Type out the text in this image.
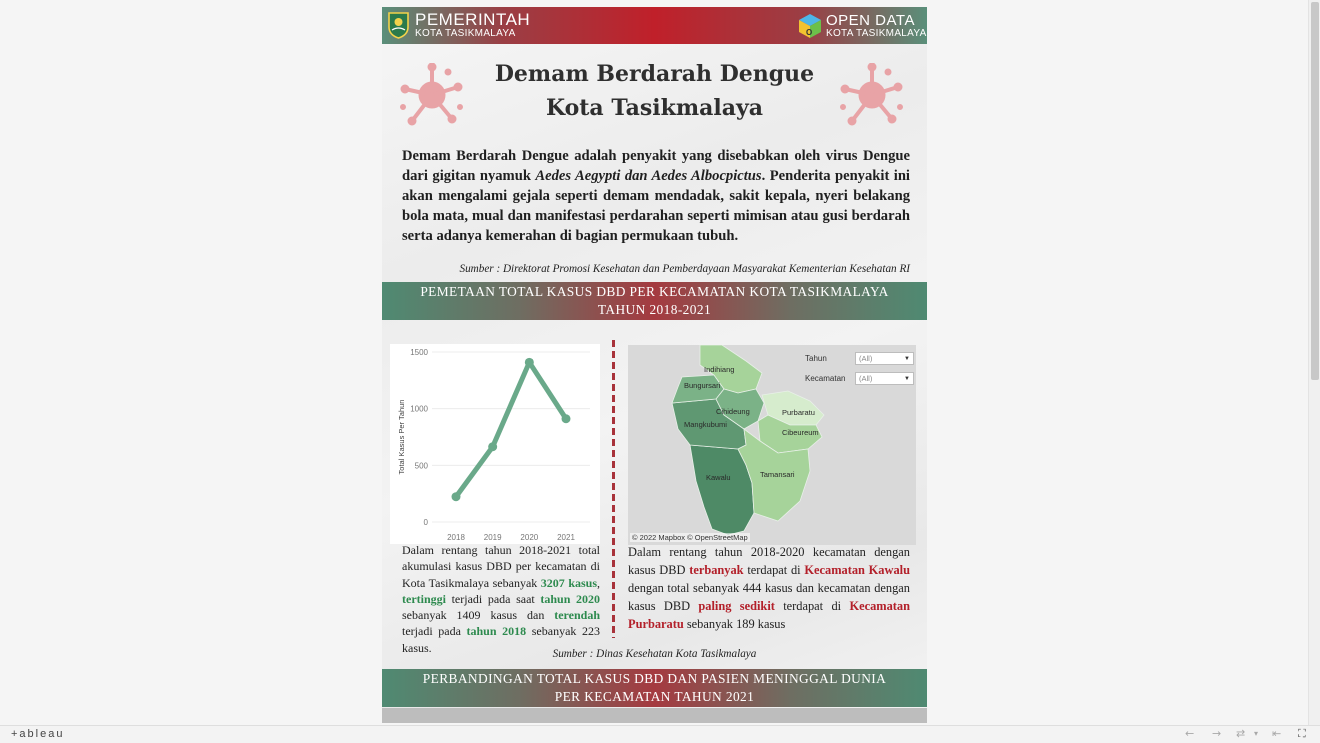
PEMERINTAH
KOTA TASIKMALAYA	O
OPEN DATA
KOTA TASIKMALAYA
Demam Berdarah Dengue
Kota Tasikmalaya

Demam Berdarah Dengue adalah penyakit yang disebabkan oleh virus Dengue dari gigitan nyamuk Aedes Aegypti dan Aedes Albocpictus. Penderita penyakit ini akan mengalami gejala seperti demam mendadak, sakit kepala, nyeri belakang bola mata, mual dan manifestasi perdarahan seperti mimisan atau gusi berdarah serta adanya kemerahan di bagian permukaan tubuh.

Sumber : Direktorat Promosi Kesehatan dan Pemberdayaan Masyarakat Kementerian Kesehatan RI
PEMETAAN TOTAL KASUS DBD PER KECAMATAN KOTA TASIKMALAYA
TAHUN 2018-2021
0
500
1000
1500
2018 2019 2020 2021
Total Kasus Per Tahun

Dalam rentang tahun 2018-2021 total akumulasi kasus DBD per kecamatan di Kota Tasikmalaya sebanyak 3207 kasus, tertinggi terjadi pada saat tahun 2020 sebanyak 1409 kasus dan terendah terjadi pada tahun 2018 sebanyak 223 kasus.

Indihiang
Bungursari
Cihideung	Purbaratu
Mangkubumi
Cibeureum
Tamansari
Kawalu
Tahun	(All)	▼
Kecamatan	(All)	▼
© 2022 Mapbox © OpenStreetMap

Dalam rentang tahun 2018-2020 kecamatan dengan kasus DBD terbanyak terdapat di Kecamatan Kawalu dengan total sebanyak 444 kasus dan kecamatan dengan kasus DBD paling sedikit terdapat di Kecamatan Purbaratu sebanyak 189 kasus

Sumber : Dinas Kesehatan Kota Tasikmalaya
PERBANDINGAN TOTAL KASUS DBD DAN PASIEN MENINGGAL DUNIA
PER KECAMATAN TAHUN 2021
+ableau	← → ⇄ ▾ ⇤ ⛶
